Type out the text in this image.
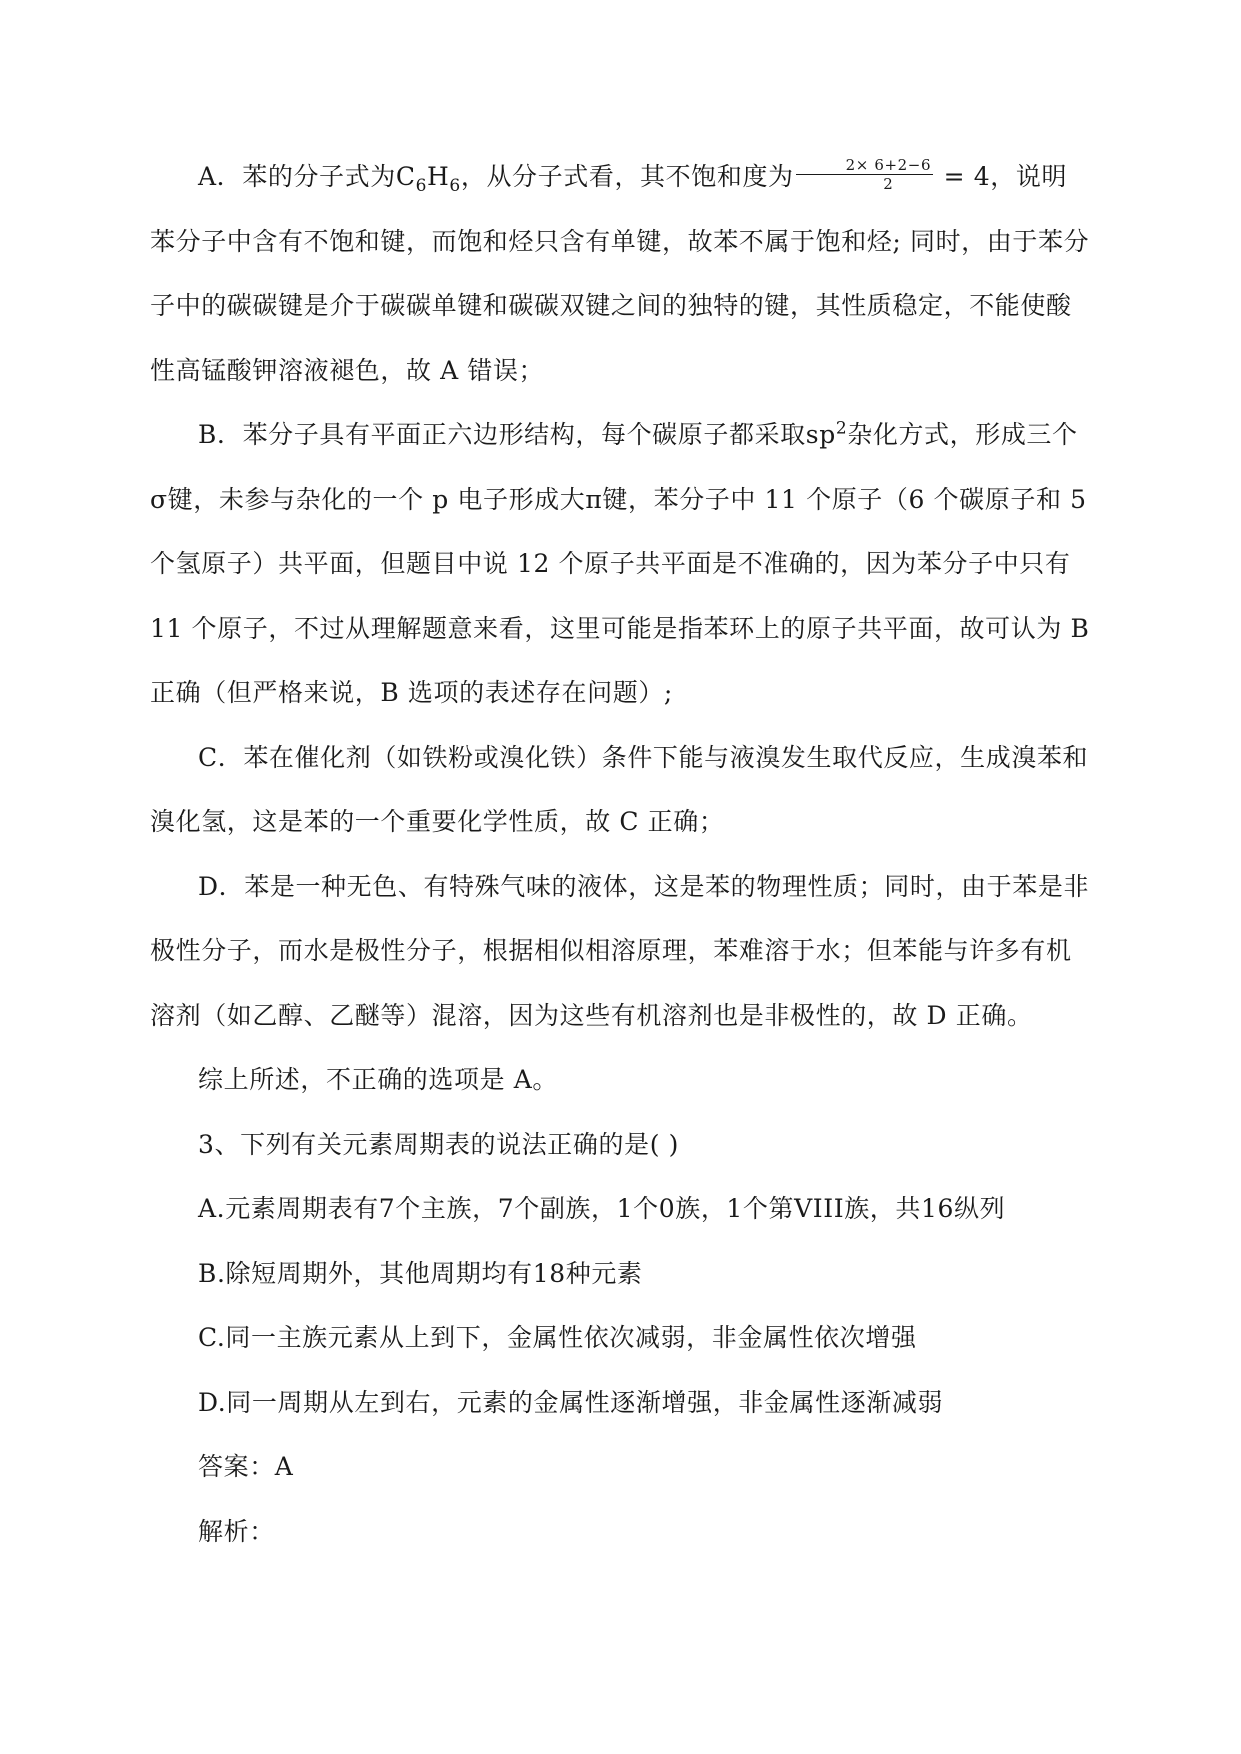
A．苯的分子式为$C_6H_6$，从分子式看，其不饱和度为 $\frac{2\times 6+2-6}{2} = 4$，说明苯分子中含有不饱和键，而饱和烃只含有单键，故苯不属于饱和烃; 同时，由于苯分子中的碳碳键是介于碳碳单键和碳碳双键之间的独特的键，其性质稳定，不能使酸性高锰酸钾溶液褪色，故 A 错误；

B．苯分子具有平面正六边形结构，每个碳原子都采取$sp^2$杂化方式，形成三个σ键，未参与杂化的一个 p 电子形成大π键，苯分子中 11 个原子（6 个碳原子和 5 个氢原子）共平面，但题目中说 12 个原子共平面是不准确的，因为苯分子中只有 11 个原子，不过从理解题意来看，这里可能是指苯环上的原子共平面，故可认为 B 正确（但严格来说，B 选项的表述存在问题）;

C．苯在催化剂（如铁粉或溴化铁）条件下能与液溴发生取代反应，生成溴苯和溴化氢，这是苯的一个重要化学性质，故 C 正确；

D．苯是一种无色、有特殊气味的液体，这是苯的物理性质；同时，由于苯是非极性分子，而水是极性分子，根据相似相溶原理，苯难溶于水；但苯能与许多有机溶剂（如乙醇、乙醚等）混溶，因为这些有机溶剂也是非极性的，故 D 正确。

综上所述，不正确的选项是 A。

3、下列有关元素周期表的说法正确的是( )

A.元素周期表有7个主族，7个副族，1个0族，1个第VIII族，共16纵列

B.除短周期外，其他周期均有18种元素

C.同一主族元素从上到下，金属性依次减弱，非金属性依次增强

D.同一周期从左到右，元素的金属性逐渐增强，非金属性逐渐减弱

答案：A

解析：
